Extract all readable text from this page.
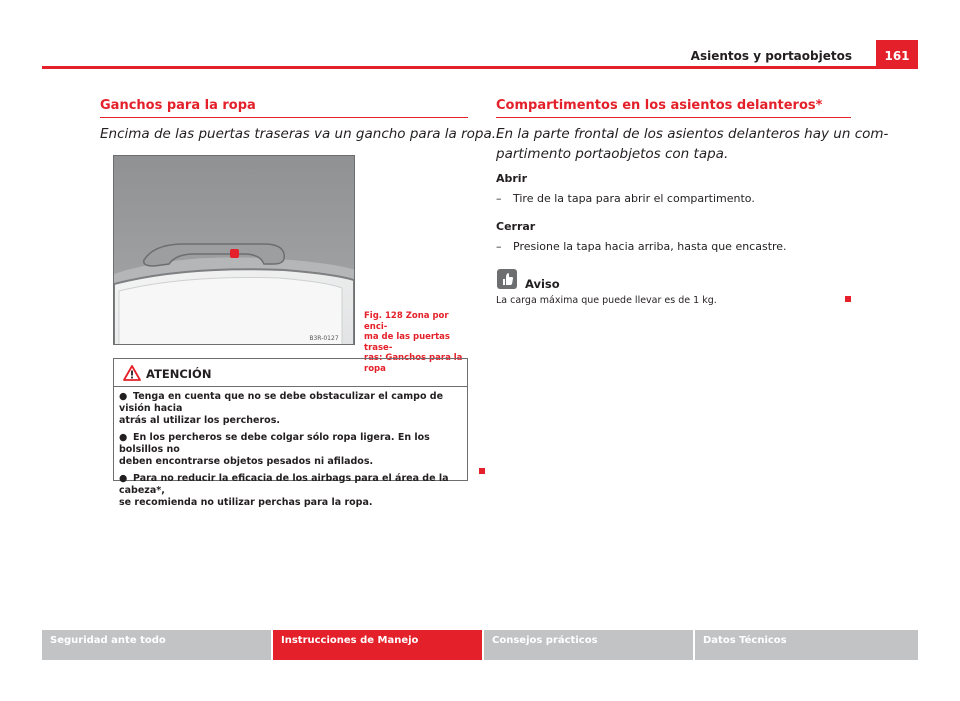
Asientos y portaobjetos	161
Ganchos para la ropa
Encima de las puertas traseras va un gancho para la ropa.
B3R-0127
Fig. 128 Zona por enci-
ma de las puertas trase-
ras: Ganchos para la ropa
ATENCIÓN
● Tenga en cuenta que no se debe obstaculizar el campo de visión hacia
atrás al utilizar los percheros.
● En los percheros se debe colgar sólo ropa ligera. En los bolsillos no
deben encontrarse objetos pesados ni afilados.
● Para no reducir la eficacia de los airbags para el área de la cabeza*,
se recomienda no utilizar perchas para la ropa.
Compartimentos en los asientos delanteros*
En la parte frontal de los asientos delanteros hay un com-
partimento portaobjetos con tapa.
Abrir
– Tire de la tapa para abrir el compartimento.
Cerrar
– Presione la tapa hacia arriba, hasta que encastre.
Aviso
La carga máxima que puede llevar es de 1 kg.
Seguridad ante todo	Instrucciones de Manejo	Consejos prácticos	Datos Técnicos
